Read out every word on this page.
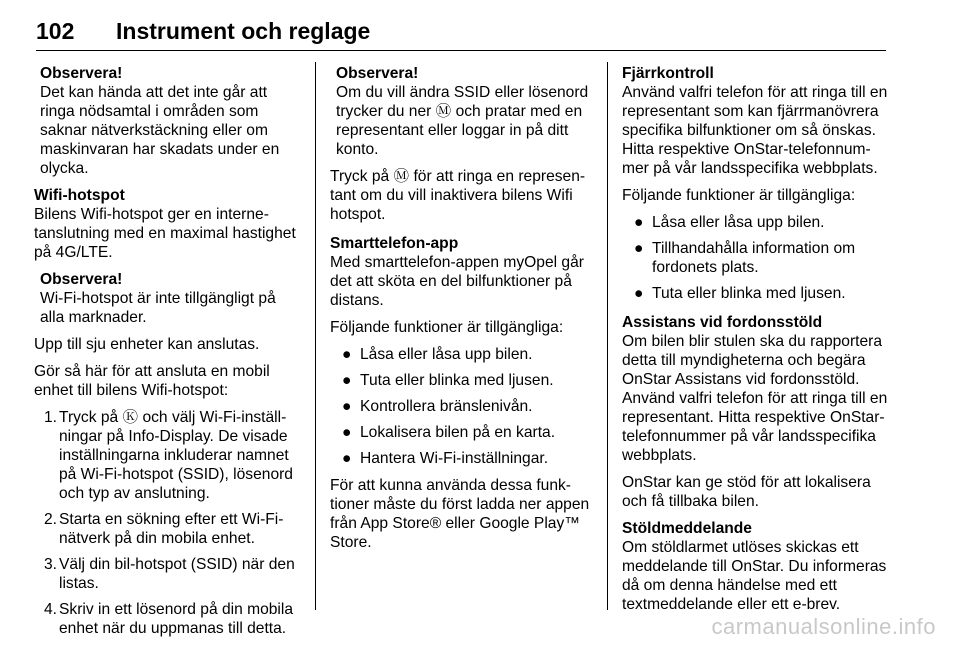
102 Instrument och reglage
Observera!
Det kan hända att det inte går att ringa nödsamtal i områden som saknar nätverkstäckning eller om maskinvaran har skadats under en olycka.
Wifi-hotspot

Bilens Wifi-hotspot ger en internetanslutning med en maximal hastighet på 4G/LTE.

Observera!
Wi-Fi-hotspot är inte tillgängligt på alla marknader.

Upp till sju enheter kan anslutas.

Gör så här för att ansluta en mobil enhet till bilens Wifi-hotspot:

1. Tryck på Ⓚ och välj Wi-Fi-inställningar på Info-Display. De visade inställningarna inkluderar namnet på Wi-Fi-hotspot (SSID), lösenord och typ av anslutning.
2. Starta en sökning efter ett Wi-Fi-nätverk på din mobila enhet.
3. Välj din bil-hotspot (SSID) när den listas.
4. Skriv in ett lösenord på din mobila enhet när du uppmanas till detta.
Observera!
Om du vill ändra SSID eller lösenord trycker du ner Ⓜ och pratar med en representant eller loggar in på ditt konto.

Tryck på Ⓜ för att ringa en representant om du vill inaktivera bilens Wifi hotspot.

Smarttelefon-app

Med smarttelefon-appen myOpel går det att sköta en del bilfunktioner på distans.

Följande funktioner är tillgängliga:

● Låsa eller låsa upp bilen.
● Tuta eller blinka med ljusen.
● Kontrollera bränslenivån.
● Lokalisera bilen på en karta.
● Hantera Wi-Fi-inställningar.

För att kunna använda dessa funktioner måste du först ladda ner appen från App Store® eller Google Play™ Store.

Fjärrkontroll

Använd valfri telefon för att ringa till en representant som kan fjärrmanövrera specifika bilfunktioner om så önskas. Hitta respektive OnStar-telefonnummer på vår landsspecifika webbplats.

Följande funktioner är tillgängliga:

● Låsa eller låsa upp bilen.
● Tillhandahålla information om fordonets plats.
● Tuta eller blinka med ljusen.
Assistans vid fordonsstöld

Om bilen blir stulen ska du rapportera detta till myndigheterna och begära OnStar Assistans vid fordonsstöld. Använd valfri telefon för att ringa till en representant. Hitta respektive OnStar-telefonnummer på vår landsspecifika webbplats.

OnStar kan ge stöd för att lokalisera och få tillbaka bilen.

Stöldmeddelande

Om stöldlarmet utlöses skickas ett meddelande till OnStar. Du informeras då om denna händelse med ett textmeddelande eller ett e-brev.

carmanualsonline.info
